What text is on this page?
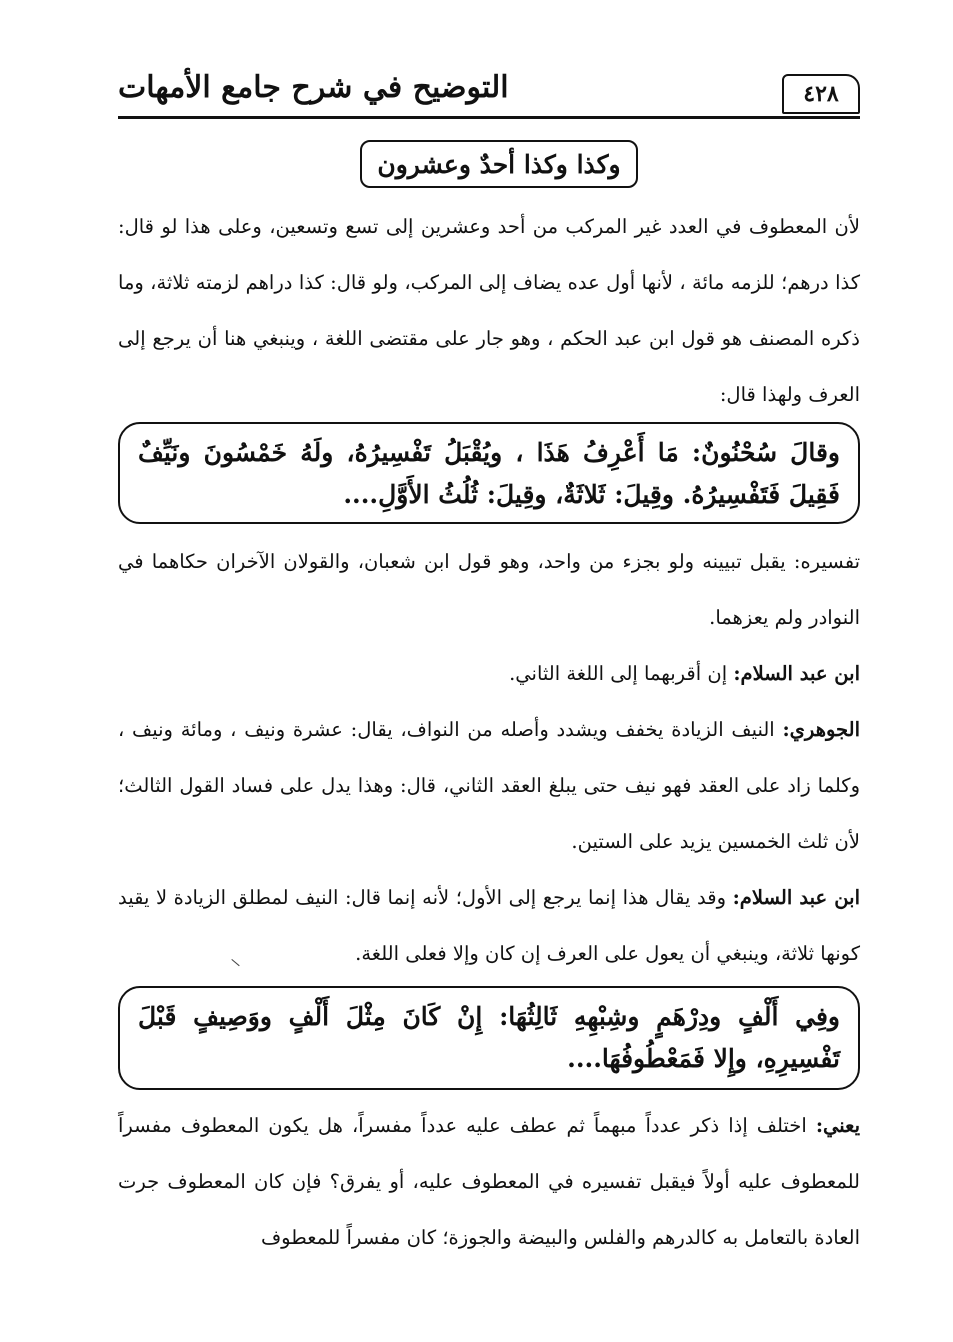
٤٢٨
التوضيح في شرح جامع الأمهات
وكذا وكذا أحدٌ وعشرون
لأن المعطوف في العدد غير المركب من أحد وعشرين إلى تسع وتسعين، وعلى هذا لو قال: كذا درهم؛ للزمه مائة ، لأنها أول عده يضاف إلى المركب، ولو قال: كذا دراهم لزمته ثلاثة، وما ذكره المصنف هو قول ابن عبد الحكم ، وهو جار على مقتضى اللغة ، وينبغي هنا أن يرجع إلى العرف ولهذا قال:
وقالَ سُحْنُونٌ: مَا أَعْرِفُ هَذَا ، ويُقْبَلُ تَفْسِيرُهُ، ولَهُ خَمْسُونَ ونَيِّفٌ فَقِيلَ فَتَفْسِيرُهُ. وقِيلَ: ثَلاثَةٌ، وقِيلَ: ثُلُثُ الأَوَّلِ....
تفسيره: يقبل تبيينه ولو بجزء من واحد، وهو قول ابن شعبان، والقولان الآخران حكاهما في النوادر ولم يعزهما.
ابن عبد السلام: إن أقربهما إلى اللغة الثاني.
الجوهري: النيف الزيادة يخفف ويشدد وأصله من النواف، يقال: عشرة ونيف ، ومائة ونيف ، وكلما زاد على العقد فهو نيف حتى يبلغ العقد الثاني، قال: وهذا يدل على فساد القول الثالث؛ لأن ثلث الخمسين يزيد على الستين.
ابن عبد السلام: وقد يقال هذا إنما يرجع إلى الأول؛ لأنه إنما قال: النيف لمطلق الزيادة لا يقيد كونها ثلاثة، وينبغي أن يعول على العرف إن كان وإلا فعلى اللغة.
وفِي أَلْفٍ ودِرْهَمٍ وشِبْهِهِ ثَالِثُهَا: إِنْ كَانَ مِثْلَ أَلْفٍ ووَصِيفٍ قَبْلَ تَفْسِيرِهِ، وإِلا فَمَعْطُوفُهَا....
يعني: اختلف إذا ذكر عدداً مبهماً ثم عطف عليه عدداً مفسراً، هل يكون المعطوف مفسراً للمعطوف عليه أولاً فيقبل تفسيره في المعطوف عليه، أو يفرق؟ فإن كان المعطوف جرت العادة بالتعامل به كالدرهم والفلس والبيضة والجوزة؛ كان مفسراً للمعطوف
